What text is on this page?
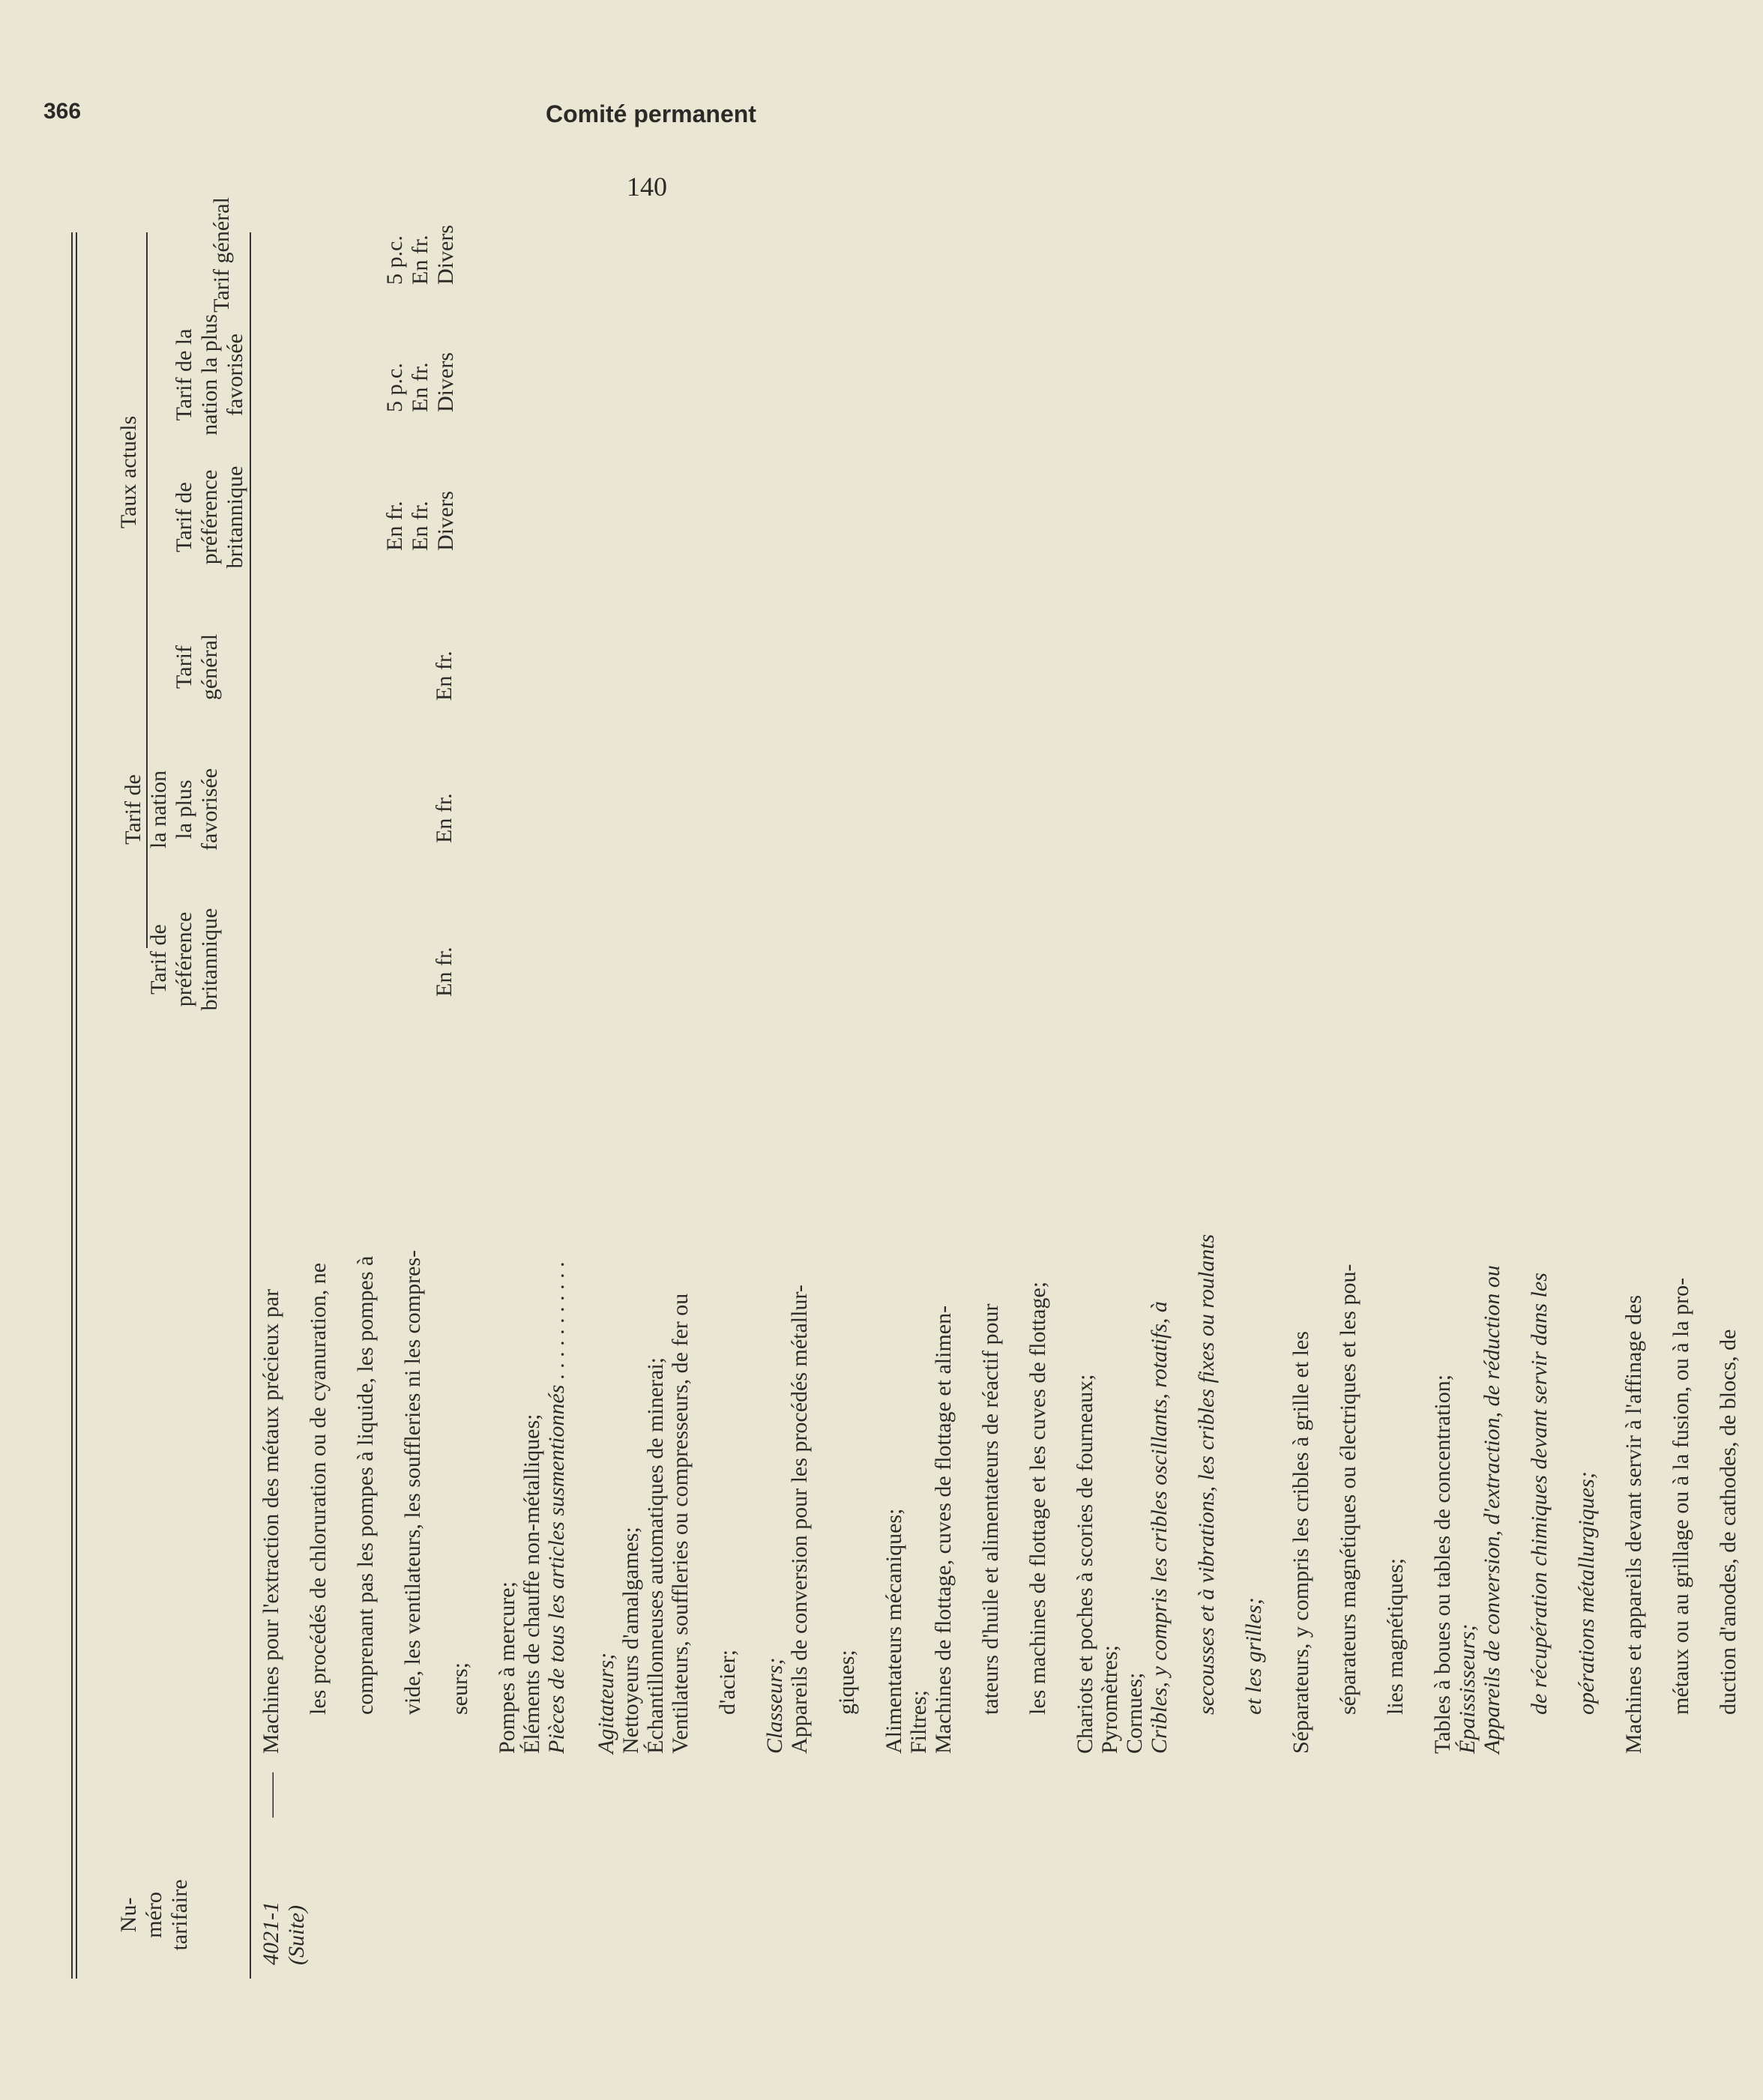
366	Comité permanent
140
Nu- méro tarifaire
Tarif de préférence britannique
Tarif de la nation la plus favorisée
Tarif général
Taux actuels Tarif de préférence britannique
Tarif de la nation la plus favorisée
Tarif général
4021-1 (Suite)

Machines pour l'extraction des métaux précieux par les procédés de chloruration ou de cyanuration, ne comprenant pas les pompes à liquide, les pompes à vide, les ventilateurs, les souffleries ni les compres- seurs; Pompes à mercure; Éléments de chauffe non-métalliques; Pièces de tous les articles susmentionnés . . . . . . . . . . .

Agitateurs; Nettoyeurs d'amalgames; Échantillonneuses automatiques de minerai; Ventilateurs, souffleries ou compresseurs, de fer ou d'acier; Classeurs; Appareils de conversion pour les procédés métallur- giques; Alimentateurs mécaniques; Filtres; Machines de flottage, cuves de flottage et alimen- tateurs d'huile et alimentateurs de réactif pour les machines de flottage et les cuves de flottage; Chariots et poches à scories de fourneaux; Pyromètres; Cornues; Cribles, y compris les cribles oscillants, rotatifs, à secousses et à vibrations, les cribles fixes ou roulants et les grilles; Séparateurs, y compris les cribles à grille et les séparateurs magnétiques ou électriques et les pou- lies magnétiques; Tables à boues ou tables de concentration; Épaississeurs; Appareils de conversion, d'extraction, de réduction ou de récupération chimiques devant servir dans les opérations métallurgiques; Machines et appareils devant servir à l'affinage des métaux ou au grillage ou à la fusion, ou à la pro- duction d'anodes, de cathodes, de blocs, de

——
En fr.
En fr.
En fr.
En fr. En fr. Divers
5 p.c. En fr. Divers
5 p.c. En fr. Divers
